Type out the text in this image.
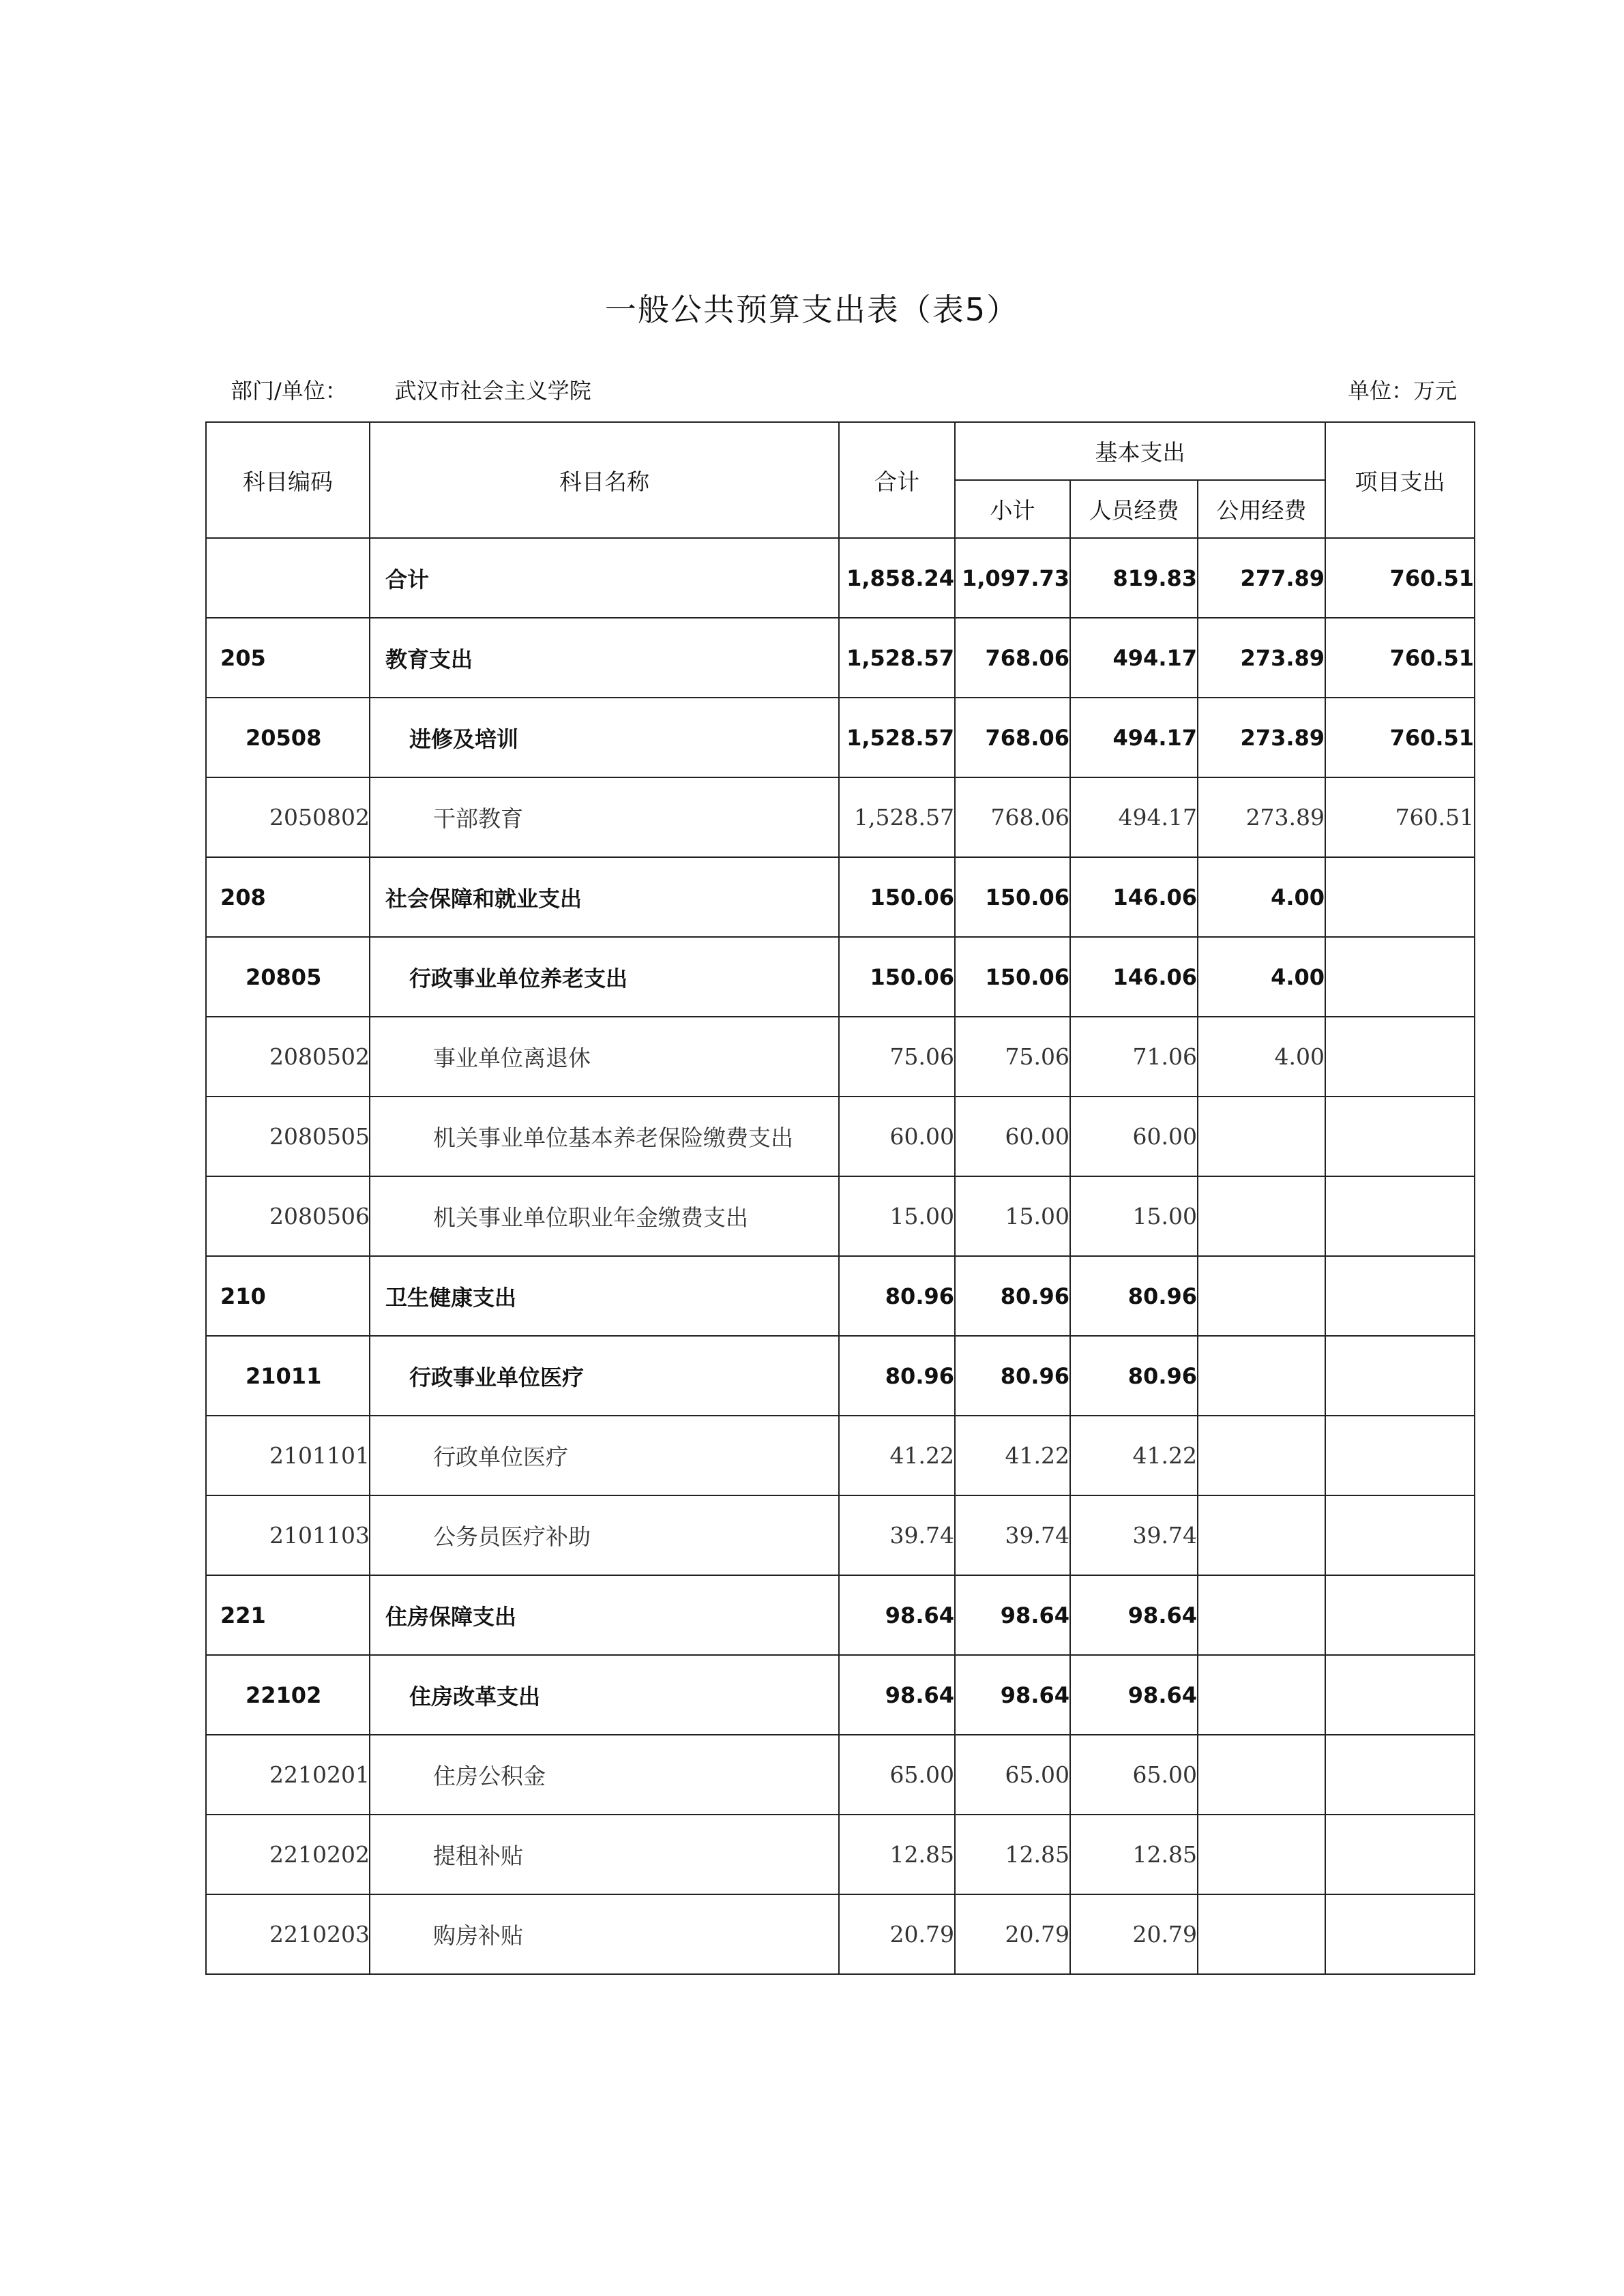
一般公共预算支出表（表5）
部门/单位： 武汉市社会主义学院	单位：万元
科目编码	科目名称	合计	基本支出			项目支出
			小计	人员经费	公用经费	
	合计	1,858.24	1,097.73	819.83	277.89	760.51
205	教育支出	1,528.57	768.06	494.17	273.89	760.51
20508	进修及培训	1,528.57	768.06	494.17	273.89	760.51
2050802	干部教育	1,528.57	768.06	494.17	273.89	760.51
208	社会保障和就业支出	150.06	150.06	146.06	4.00	
20805	行政事业单位养老支出	150.06	150.06	146.06	4.00	
2080502	事业单位离退休	75.06	75.06	71.06	4.00	
2080505	机关事业单位基本养老保险缴费支出	60.00	60.00	60.00		
2080506	机关事业单位职业年金缴费支出	15.00	15.00	15.00		
210	卫生健康支出	80.96	80.96	80.96		
21011	行政事业单位医疗	80.96	80.96	80.96		
2101101	行政单位医疗	41.22	41.22	41.22		
2101103	公务员医疗补助	39.74	39.74	39.74		
221	住房保障支出	98.64	98.64	98.64		
22102	住房改革支出	98.64	98.64	98.64		
2210201	住房公积金	65.00	65.00	65.00		
2210202	提租补贴	12.85	12.85	12.85		
2210203	购房补贴	20.79	20.79	20.79		
